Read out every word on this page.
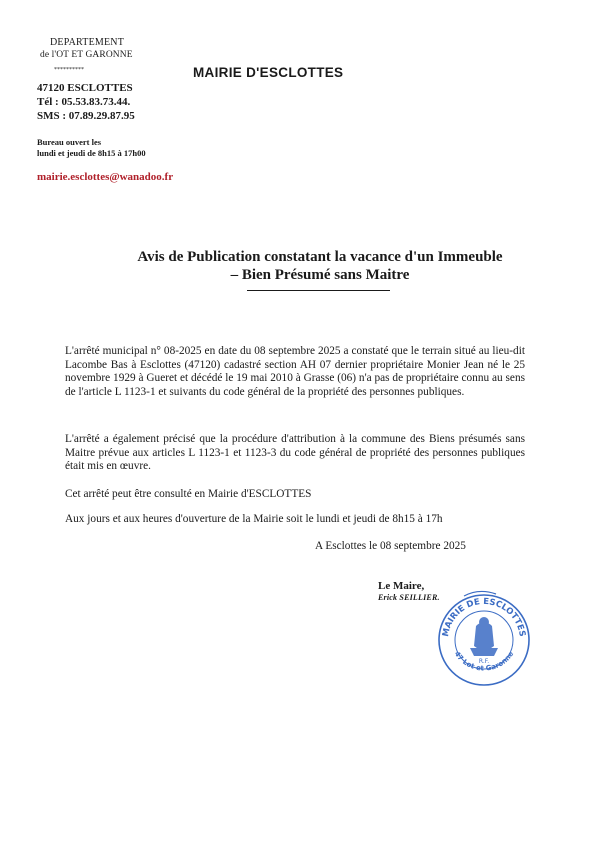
DEPARTEMENT
de l'OT ET GARONNE
**********	MAIRIE D'ESCLOTTES
47120 ESCLOTTES
Tél : 05.53.83.73.44.
SMS : 07.89.29.87.95
Bureau ouvert les
lundi et jeudi de 8h15 à 17h00
mairie.esclottes@wanadoo.fr
Avis de Publication constatant la vacance d'un Immeuble
– Bien Présumé sans Maitre
L'arrêté municipal n° 08-2025 en date du 08 septembre 2025 a constaté que le terrain situé au lieu-dit Lacombe Bas à Esclottes (47120) cadastré section AH 07 dernier propriétaire Monier Jean né le 25 novembre 1929 à Gueret et décédé le 19 mai 2010 à Grasse (06) n'a pas de propriétaire connu au sens de l'article L 1123-1 et suivants du code général de la propriété des personnes publiques.
L'arrêté a également précisé que la procédure d'attribution à la commune des Biens présumés sans Maitre prévue aux articles L 1123-1 et 1123-3 du code général de propriété des personnes publiques était mis en œuvre.
Cet arrêté peut être consulté en Mairie d'ESCLOTTES
Aux jours et aux heures d'ouverture de la Mairie soit le lundi et jeudi de 8h15 à 17h
A Esclottes le 08 septembre 2025
Le Maire,
Erick SEILLIER.
MAIRIE DE ESCLOTTES
47 Lot et Garonne
R.F.
